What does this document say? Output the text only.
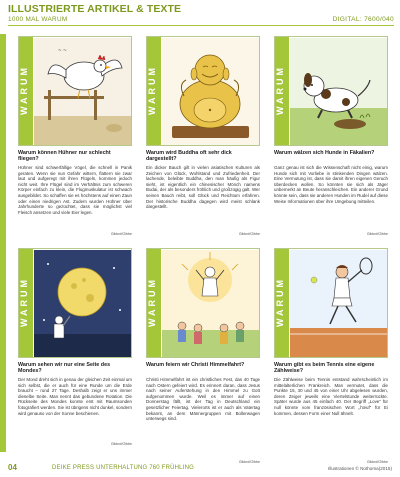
ILLUSTRIERTE ARTIKEL & TEXTE
1000 MAL WARUM	DIGITAL: 7600/040
WARUM
~ ~
Warum können Hühner nur schlecht fliegen?
Hühner sind schwerfällige Vögel, die schnell in Panik geraten. Wenn sie nun Gefahr wittern, flattern sie zwar laut und aufgeregt mit ihren Flügeln, kommen jedoch nicht weit. Ihre Flügel sind im Verhältnis zum schweren Körper einfach zu klein, die Flugmuskulatur ist schwach ausgebildet. So schaffen sie es höchstens auf einen Zaun oder einen niedrigen Ast. Zudem wurden Hühner über Jahrhunderte so gezüchtet, dass sie möglichst viel Fleisch ansetzen und viele Eier legen.
Gibkrd/Gibbe
WARUM
Warum wird Buddha oft sehr dick dargestellt?
Ein dicker Bauch gilt in vielen asiatischen Kulturen als Zeichen von Glück, Wohlstand und Zufriedenheit. Der lachende, beleibte Buddha, den man häufig als Figur sieht, ist eigentlich ein chinesischer Mönch namens Budai, der als besonders fröhlich und großzügig galt. Wer seinen Bauch reibt, soll Glück und Reichtum erfahren. Der historische Buddha dagegen wird meist schlank dargestellt.
Gibkrd/Gibbe
WARUM
Warum wälzen sich Hunde in Fäkalien?
Ganz genau ist sich die Wissenschaft nicht einig, warum Hunde sich mit Vorliebe in stinkenden Dingen wälzen. Eine Vermutung ist, dass sie damit ihren eigenen Geruch überdecken wollen. So könnten sie sich als Jäger unbemerkt an Beute heranschleichen. Ein anderer Grund könnte sein, dass sie anderen Hunden im Rudel auf diese Weise Informationen über ihre Umgebung mitteilen.
Gibkrd/Gibbe
WARUM
Warum sehen wir nur eine Seite des Mondes?
Der Mond dreht sich in genau der gleichen Zeit einmal um sich selbst, die er auch für eine Runde um die Erde braucht – rund 27 Tage. Deshalb zeigt er uns immer dieselbe Seite. Man nennt das gebundene Rotation. Die Rückseite des Mondes konnte erst mit Raumsonden fotografiert werden. Sie ist übrigens nicht dunkel, sondern wird genauso von der Sonne beschienen.
Gibkrd/Gibbe
WARUM
Warum feiern wir Christi Himmelfahrt?
Christi Himmelfahrt ist ein christliches Fest, das 40 Tage nach Ostern gefeiert wird. Es erinnert daran, dass Jesus nach seiner Auferstehung in den Himmel zu Gott aufgenommen wurde. Weil es immer auf einen Donnerstag fällt, ist der Tag in Deutschland ein gesetzlicher Feiertag. Vielerorts ist er auch als Vatertag bekannt, an dem Männergruppen mit Bollerwagen unterwegs sind.
Gibkrd/Gibbe
WARUM
Warum gibt es beim Tennis eine eigene Zählweise?
Die Zählweise beim Tennis entstand wahrscheinlich im mittelalterlichen Frankreich. Man vermutet, dass die Punkte 15, 30 und 45 von einer Uhr abgelesen wurden, deren Zeiger jeweils eine Viertelstunde weiterrückte. Später wurde aus 45 einfach 40. Der Begriff „Love“ für null könnte vom französischen Wort „l’œuf“ für Ei kommen, dessen Form einer Null ähnelt.
Gibkrd/Gibbe
04	DEIKE PRESS UNTERHALTUNG 760 FRÜHLING	Illustrationen © Nothoma(2015)
